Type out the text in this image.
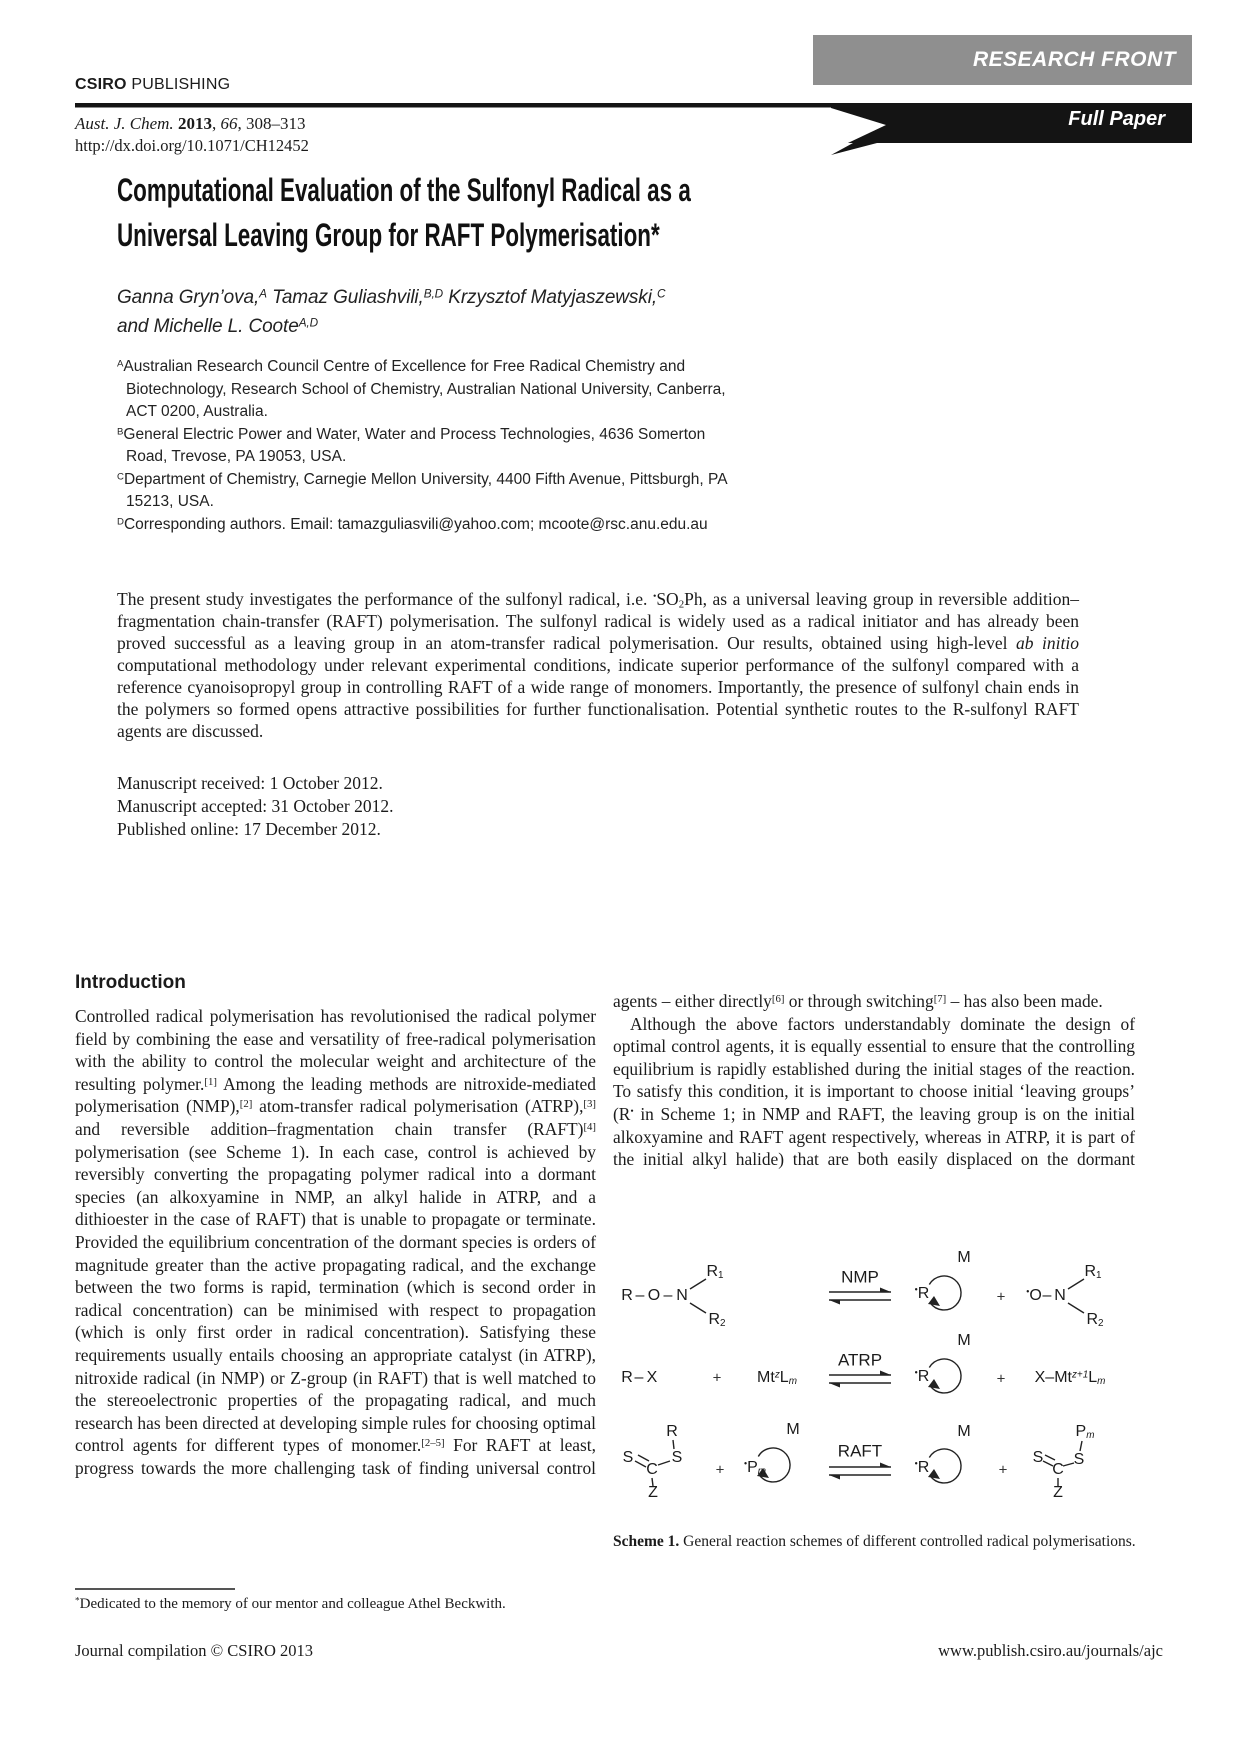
RESEARCH FRONT
CSIRO PUBLISHING
Full Paper
Aust. J. Chem. 2013, 66, 308–313
http://dx.doi.org/10.1071/CH12452
Computational Evaluation of the Sulfonyl Radical as a
Universal Leaving Group for RAFT Polymerisation*
Ganna Gryn’ova,$^A$ Tamaz Guliashvili,$^{B,D}$ Krzysztof Matyjaszewski,$^C$
and Michelle L. Coote$^{A,D}$
$^A$Australian Research Council Centre of Excellence for Free Radical Chemistry and Biotechnology, Research School of Chemistry, Australian National University, Canberra, ACT 0200, Australia.
$^B$General Electric Power and Water, Water and Process Technologies, 4636 Somerton Road, Trevose, PA 19053, USA.
$^C$Department of Chemistry, Carnegie Mellon University, 4400 Fifth Avenue, Pittsburgh, PA 15213, USA.
$^D$Corresponding authors. Email: tamazguliasvili@yahoo.com; mcoote@rsc.anu.edu.au
The present study investigates the performance of the sulfonyl radical, i.e. $^•SO_2Ph$, as a universal leaving group in reversible addition–fragmentation chain-transfer (RAFT) polymerisation. The sulfonyl radical is widely used as a radical initiator and has already been proved successful as a leaving group in an atom-transfer radical polymerisation. Our results, obtained using high-level ab initio computational methodology under relevant experimental conditions, indicate superior performance of the sulfonyl compared with a reference cyanoisopropyl group in controlling RAFT of a wide range of monomers. Importantly, the presence of sulfonyl chain ends in the polymers so formed opens attractive possibilities for further functionalisation. Potential synthetic routes to the R-sulfonyl RAFT agents are discussed.
Manuscript received: 1 October 2012.
Manuscript accepted: 31 October 2012.
Published online: 17 December 2012.
Introduction

Controlled radical polymerisation has revolutionised the radical polymer field by combining the ease and versatility of free-radical polymerisation with the ability to control the molecular weight and architecture of the resulting polymer.[1] Among the leading methods are nitroxide-mediated polymerisation (NMP),[2] atom-transfer radical polymerisation (ATRP),[3] and reversible addition–fragmentation chain transfer (RAFT)[4] polymerisation (see Scheme 1). In each case, control is achieved by reversibly converting the propagating polymer radical into a dormant species (an alkoxyamine in NMP, an alkyl halide in ATRP, and a dithioester in the case of RAFT) that is unable to propagate or terminate. Provided the equilibrium concentration of the dormant species is orders of magnitude greater than the active propagating radical, and the exchange between the two forms is rapid, termination (which is second order in radical concentration) can be minimised with respect to propagation (which is only first order in radical concentration). Satisfying these requirements usually entails choosing an appropriate catalyst (in ATRP), nitroxide radical (in NMP) or Z-group (in RAFT) that is well matched to the stereoelectronic properties of the propagating radical, and much research has been directed at developing simple rules for choosing optimal control agents for different types of monomer.[2–5] For RAFT at least, progress towards the more challenging task of finding universal control

agents – either directly[6] or through switching[7] – has also been made.

Although the above factors understandably dominate the design of optimal control agents, it is equally essential to ensure that the controlling equilibrium is rapidly established during the initial stages of the reaction. To satisfy this condition, it is important to choose initial ‘leaving groups’ (R• in Scheme 1; in NMP and RAFT, the leaving group is on the initial alkoxyamine and RAFT agent respectively, whereas in ATRP, it is part of the initial alkyl halide) that are both easily displaced on the dormant

R – O – N
$R_1$
$R_2$
NMP
•R
M
+ •O – N
$R_1$
$R_2$
R – X	+ $Mt^zLm$
ATRP
•R
M
+ $X-Mt^{z+1}Lm$
S
C
S
R
Z
+ •Pm
M
RAFT
•R
M
+
S
C
S
Pm
Z
Scheme 1. General reaction schemes of different controlled radical polymerisations.
*Dedicated to the memory of our mentor and colleague Athel Beckwith.
Journal compilation © CSIRO 2013	www.publish.csiro.au/journals/ajc
